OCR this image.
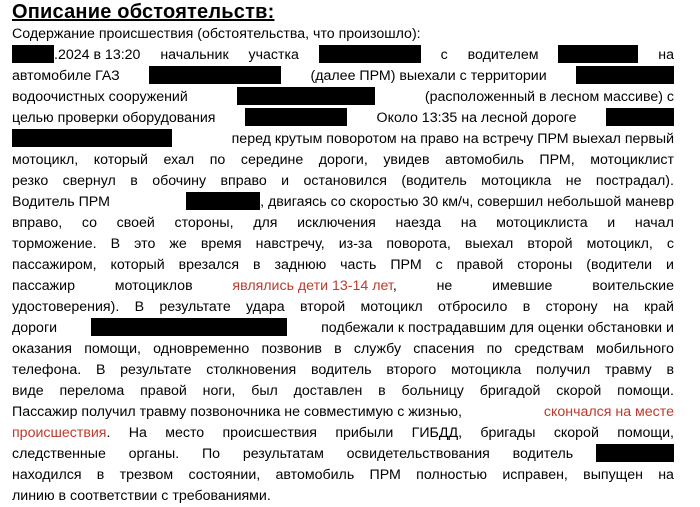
Описание обстоятельств:
Содержание происшествия (обстоятельства, что произошло):
.2024 в 13:20 начальник участка	с водителем	на
автомобиле ГАЗ	(далее ПРМ) выехали с территории
водоочистных сооружений	(расположенный в лесном массиве) с
целью проверки оборудования	Около 13:35 на лесной дороге
перед крутым поворотом на право на встречу ПРМ выехал первый
мотоцикл, который ехал по середине дороги, увидев автомобиль ПРМ, мотоциклист
резко свернул в обочину вправо и остановился (водитель мотоцикла не пострадал).
Водитель ПРМ	, двигаясь со скоростью 30 км/ч, совершил небольшой маневр
вправо, со своей стороны, для исключения наезда на мотоциклиста и начал
торможение. В это же время навстречу, из-за поворота, выехал второй мотоцикл, с
пассажиром, который врезался в заднюю часть ПРМ с правой стороны (водители и
пассажир	мотоциклов	являлись дети 13-14 лет,	не	имевшие	воительские
удостоверения). В результате удара второй мотоцикл отбросило в сторону на край
дороги	подбежали к пострадавшим для оценки обстановки и
оказания помощи, одновременно позвонив в службу спасения по средствам мобильного
телефона. В результате столкновения водитель второго мотоцикла получил травму в
виде перелома правой ноги, был доставлен в больницу бригадой скорой помощи.
Пассажир получил травму позвоночника не совместимую с жизнью,	скончался на месте
происшествия. На место происшествия прибыли ГИБДД, бригады скорой помощи,
следственные органы. По результатам освидетельствования водитель
находился в трезвом состоянии, автомобиль ПРМ полностью исправен, выпущен на
линию в соответствии с требованиями.
